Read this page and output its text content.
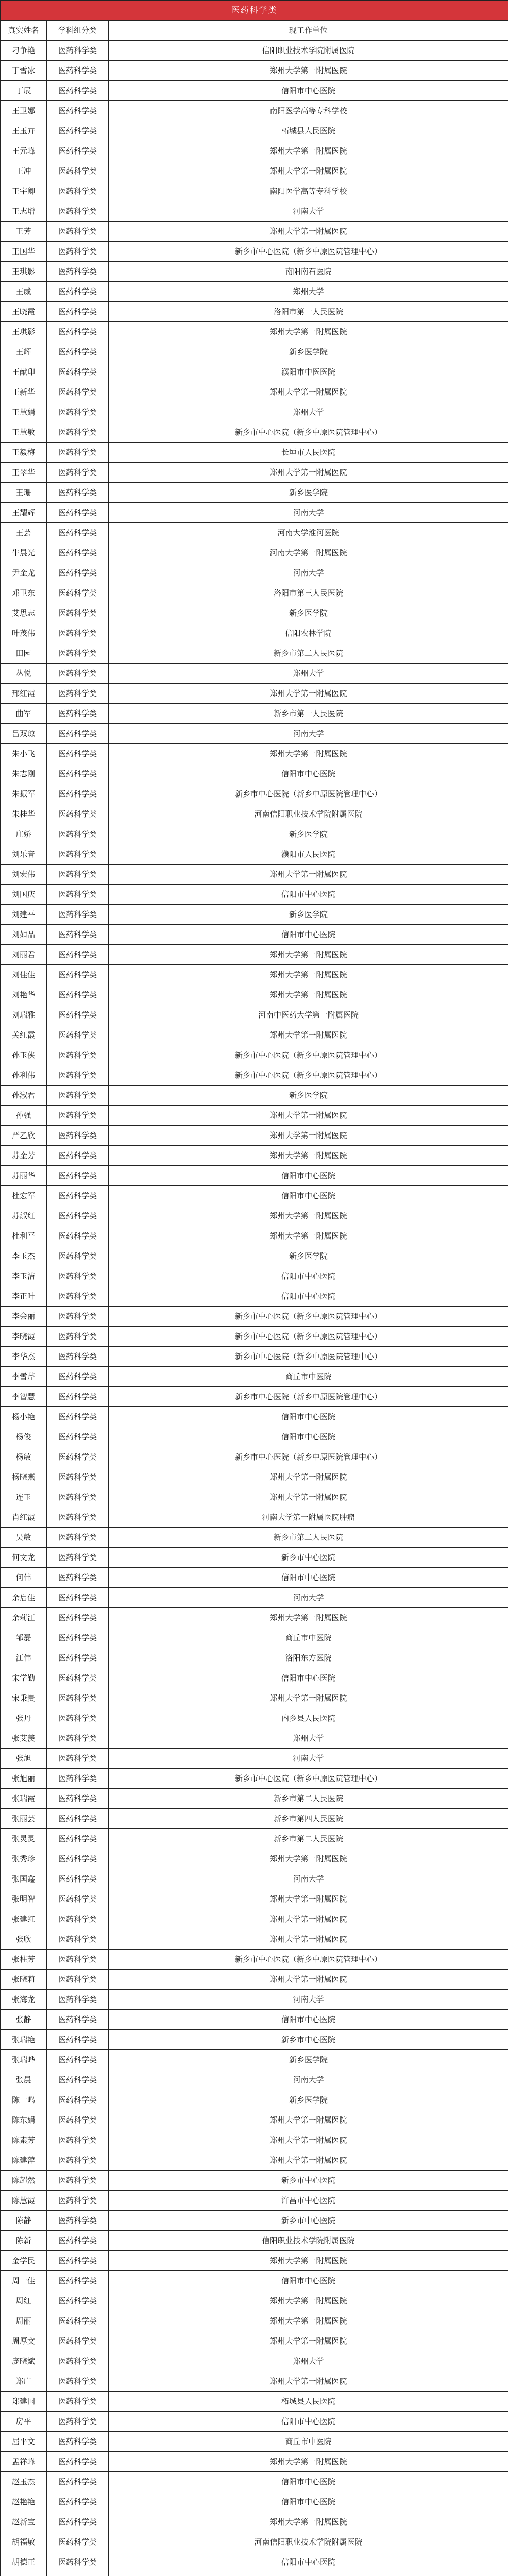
医药科学类		
真实姓名	学科组分类	现工作单位
刁争艳	医药科学类	信阳职业技术学院附属医院
丁雪冰	医药科学类	郑州大学第一附属医院
丁辰	医药科学类	信阳市中心医院
王卫娜	医药科学类	南阳医学高等专科学校
王玉卉	医药科学类	柘城县人民医院
王元峰	医药科学类	郑州大学第一附属医院
王冲	医药科学类	郑州大学第一附属医院
王宇卿	医药科学类	南阳医学高等专科学校
王志增	医药科学类	河南大学
王芳	医药科学类	郑州大学第一附属医院
王国华	医药科学类	新乡市中心医院（新乡中原医院管理中心）
王琪影	医药科学类	南阳南石医院
王威	医药科学类	郑州大学
王晓霞	医药科学类	洛阳市第一人民医院
王琪影	医药科学类	郑州大学第一附属医院
王辉	医药科学类	新乡医学院
王献印	医药科学类	濮阳市中医医院
王新华	医药科学类	郑州大学第一附属医院
王慧娟	医药科学类	郑州大学
王慧敏	医药科学类	新乡市中心医院（新乡中原医院管理中心）
王毅梅	医药科学类	长垣市人民医院
王翠华	医药科学类	郑州大学第一附属医院
王珊	医药科学类	新乡医学院
王耀辉	医药科学类	河南大学
王芸	医药科学类	河南大学淮河医院
牛晨光	医药科学类	河南大学第一附属医院
尹金龙	医药科学类	河南大学
邓卫东	医药科学类	洛阳市第三人民医院
艾思志	医药科学类	新乡医学院
叶茂伟	医药科学类	信阳农林学院
田园	医药科学类	新乡市第二人民医院
丛悦	医药科学类	郑州大学
邢红霞	医药科学类	郑州大学第一附属医院
曲军	医药科学类	新乡市第一人民医院
吕双琼	医药科学类	河南大学
朱小飞	医药科学类	郑州大学第一附属医院
朱志刚	医药科学类	信阳市中心医院
朱振军	医药科学类	新乡市中心医院（新乡中原医院管理中心）
朱桂华	医药科学类	河南信阳职业技术学院附属医院
庄娇	医药科学类	新乡医学院
刘乐音	医药科学类	濮阳市人民医院
刘宏伟	医药科学类	郑州大学第一附属医院
刘国庆	医药科学类	信阳市中心医院
刘建平	医药科学类	新乡医学院
刘如品	医药科学类	信阳市中心医院
刘丽君	医药科学类	郑州大学第一附属医院
刘佳佳	医药科学类	郑州大学第一附属医院
刘艳华	医药科学类	郑州大学第一附属医院
刘瑞雅	医药科学类	河南中医药大学第一附属医院
关红霞	医药科学类	郑州大学第一附属医院
孙玉侠	医药科学类	新乡市中心医院（新乡中原医院管理中心）
孙利伟	医药科学类	新乡市中心医院（新乡中原医院管理中心）
孙淑君	医药科学类	新乡医学院
孙强	医药科学类	郑州大学第一附属医院
严乙欣	医药科学类	郑州大学第一附属医院
苏金芳	医药科学类	郑州大学第一附属医院
苏丽华	医药科学类	信阳市中心医院
杜宏军	医药科学类	信阳市中心医院
苏淑红	医药科学类	郑州大学第一附属医院
杜利平	医药科学类	郑州大学第一附属医院
李玉杰	医药科学类	新乡医学院
李玉洁	医药科学类	信阳市中心医院
李正叶	医药科学类	信阳市中心医院
李会丽	医药科学类	新乡市中心医院（新乡中原医院管理中心）
李晓霞	医药科学类	新乡市中心医院（新乡中原医院管理中心）
李华杰	医药科学类	新乡市中心医院（新乡中原医院管理中心）
李雪芹	医药科学类	商丘市中医院
李智慧	医药科学类	新乡市中心医院（新乡中原医院管理中心）
杨小艳	医药科学类	信阳市中心医院
杨俊	医药科学类	信阳市中心医院
杨敏	医药科学类	新乡市中心医院（新乡中原医院管理中心）
杨晓燕	医药科学类	郑州大学第一附属医院
连玉	医药科学类	郑州大学第一附属医院
肖红霞	医药科学类	河南大学第一附属医院肿瘤
吴敏	医药科学类	新乡市第二人民医院
何文龙	医药科学类	新乡市中心医院
何伟	医药科学类	信阳市中心医院
余启佳	医药科学类	河南大学
余莉江	医药科学类	郑州大学第一附属医院
邹磊	医药科学类	商丘市中医院
江伟	医药科学类	洛阳东方医院
宋学勤	医药科学类	信阳市中心医院
宋秉贵	医药科学类	郑州大学第一附属医院
张丹	医药科学类	内乡县人民医院
张艾羡	医药科学类	郑州大学
张旭	医药科学类	河南大学
张旭丽	医药科学类	新乡市中心医院（新乡中原医院管理中心）
张瑞霞	医药科学类	新乡市第二人民医院
张丽芸	医药科学类	新乡市第四人民医院
张灵灵	医药科学类	新乡市第二人民医院
张秀珍	医药科学类	郑州大学第一附属医院
张国鑫	医药科学类	河南大学
张明智	医药科学类	郑州大学第一附属医院
张建红	医药科学类	郑州大学第一附属医院
张欣	医药科学类	郑州大学第一附属医院
张柱芳	医药科学类	新乡市中心医院（新乡中原医院管理中心）
张晓莉	医药科学类	郑州大学第一附属医院
张海龙	医药科学类	河南大学
张静	医药科学类	信阳市中心医院
张瑞艳	医药科学类	新乡市中心医院
张瑞晔	医药科学类	新乡医学院
张晨	医药科学类	河南大学
陈一鸣	医药科学类	新乡医学院
陈东娟	医药科学类	郑州大学第一附属医院
陈素芳	医药科学类	郑州大学第一附属医院
陈建萍	医药科学类	郑州大学第一附属医院
陈超然	医药科学类	新乡市中心医院
陈慧霞	医药科学类	许昌市中心医院
陈静	医药科学类	新乡市中心医院
陈新	医药科学类	信阳职业技术学院附属医院
金学民	医药科学类	郑州大学第一附属医院
周一佳	医药科学类	信阳市中心医院
周红	医药科学类	郑州大学第一附属医院
周丽	医药科学类	郑州大学第一附属医院
周厚文	医药科学类	郑州大学第一附属医院
庞晓斌	医药科学类	郑州大学
郑广	医药科学类	郑州大学第一附属医院
郑建国	医药科学类	柘城县人民医院
房平	医药科学类	信阳市中心医院
屈平文	医药科学类	商丘市中医院
孟祥峰	医药科学类	郑州大学第一附属医院
赵玉杰	医药科学类	信阳市中心医院
赵艳艳	医药科学类	信阳市中心医院
赵新宝	医药科学类	郑州大学第一附属医院
胡福敏	医药科学类	河南信阳职业技术学院附属医院
胡德正	医药科学类	信阳市中心医院
